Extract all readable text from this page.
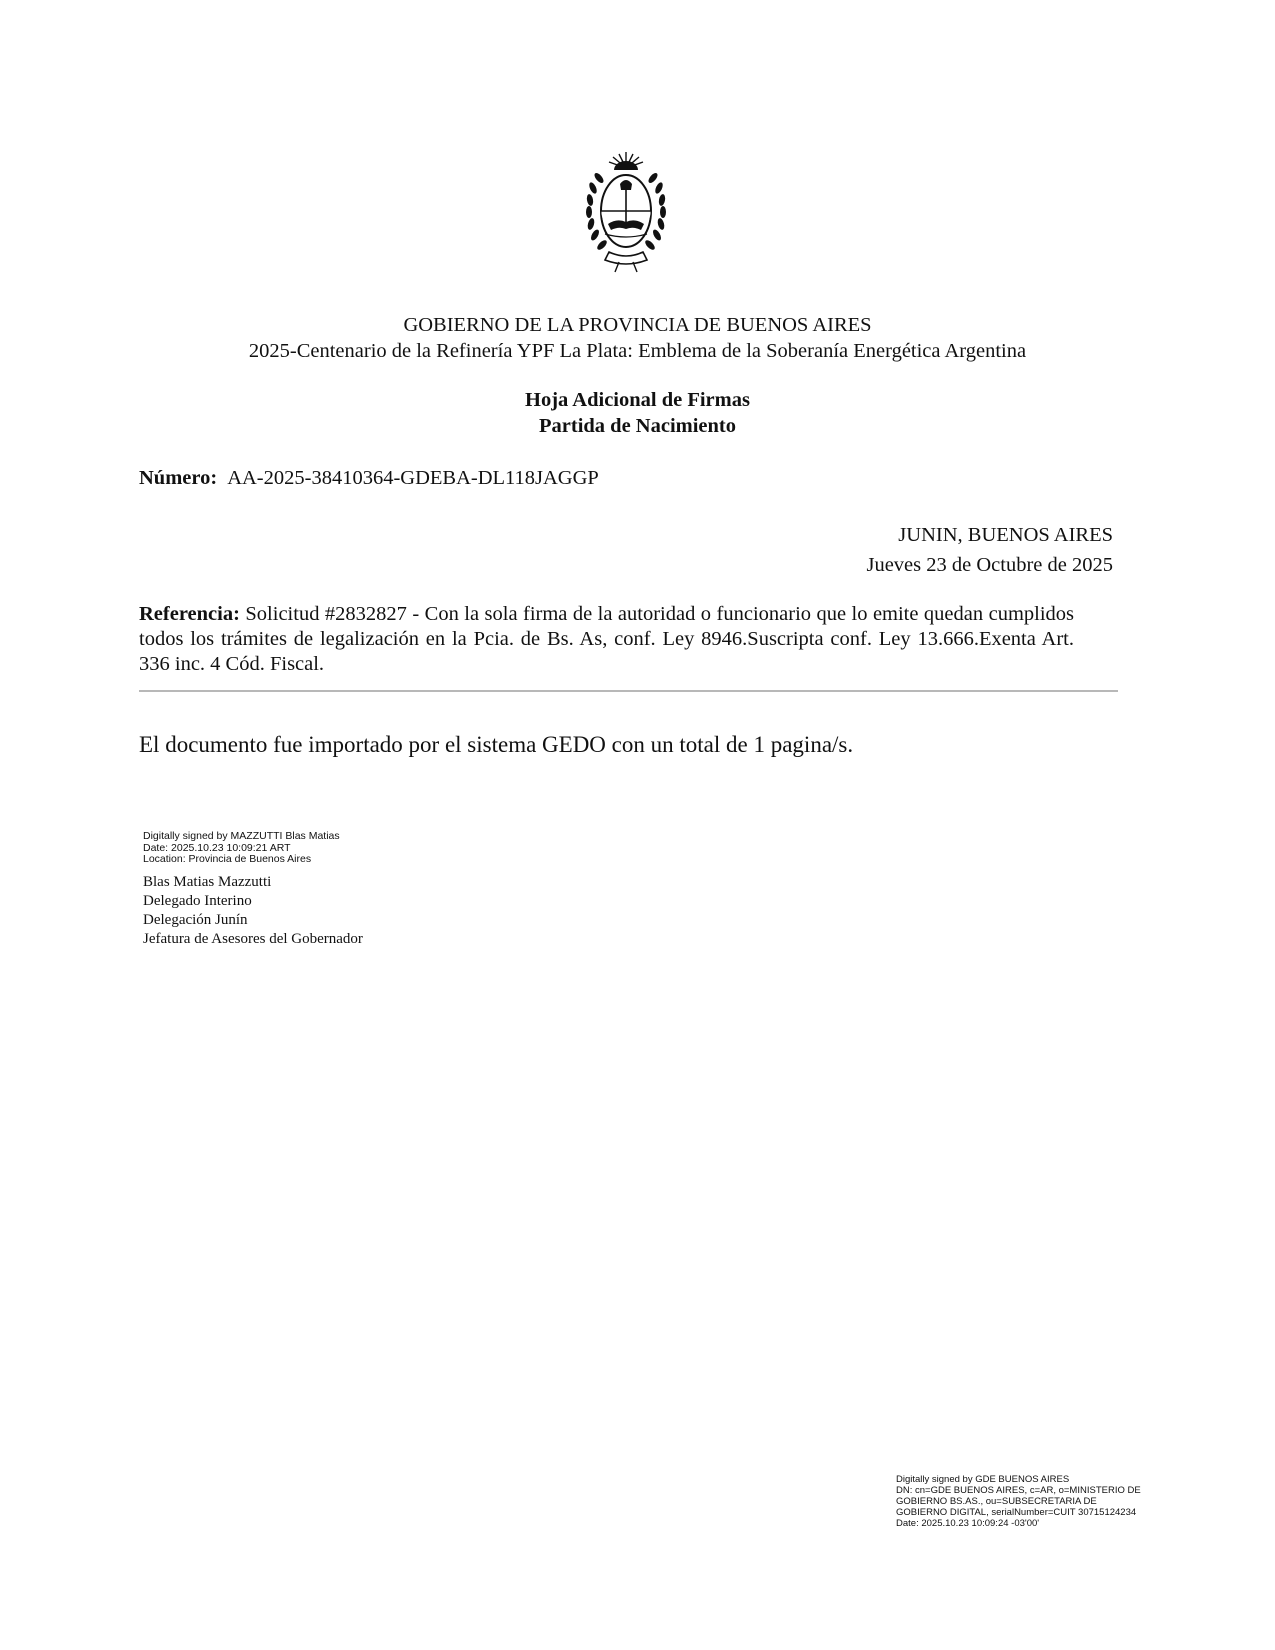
GOBIERNO DE LA PROVINCIA DE BUENOS AIRES
2025-Centenario de la Refinería YPF La Plata: Emblema de la Soberanía Energética Argentina
Hoja Adicional de Firmas
Partida de Nacimiento
Número: AA-2025-38410364-GDEBA-DL118JAGGP
JUNIN, BUENOS AIRES
Jueves 23 de Octubre de 2025
Referencia: Solicitud #2832827 - Con la sola firma de la autoridad o funcionario que lo emite quedan cumplidos todos los trámites de legalización en la Pcia. de Bs. As, conf. Ley 8946.Suscripta conf. Ley 13.666.Exenta Art. 336 inc. 4 Cód. Fiscal.
El documento fue importado por el sistema GEDO con un total de 1 pagina/s.
Digitally signed by MAZZUTTI Blas Matias
Date: 2025.10.23 10:09:21 ART
Location: Provincia de Buenos Aires
Blas Matias Mazzutti
Delegado Interino
Delegación Junín
Jefatura de Asesores del Gobernador
Digitally signed by GDE BUENOS AIRES
DN: cn=GDE BUENOS AIRES, c=AR, o=MINISTERIO DE
GOBIERNO BS.AS., ou=SUBSECRETARIA DE
GOBIERNO DIGITAL, serialNumber=CUIT 30715124234
Date: 2025.10.23 10:09:24 -03'00'
